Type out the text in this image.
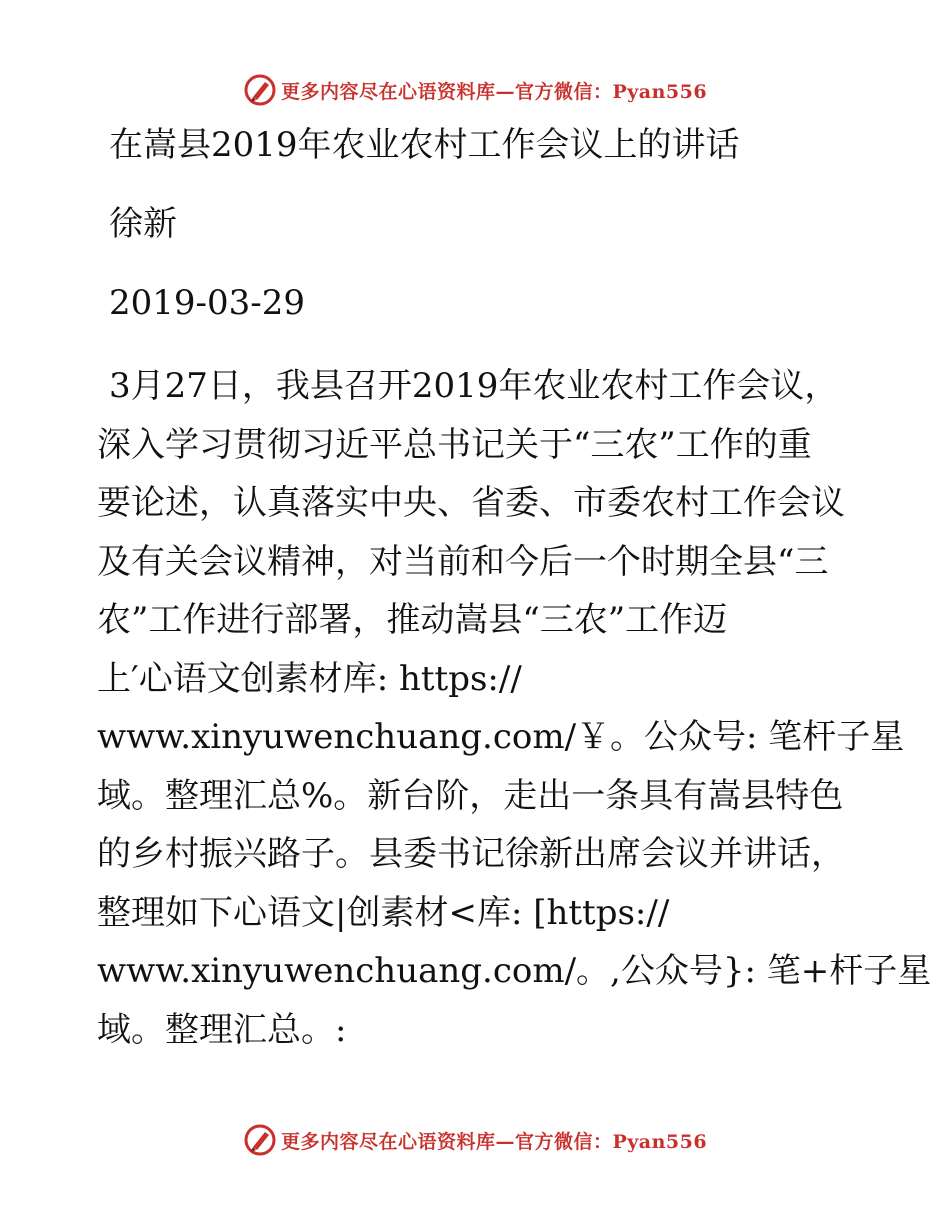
更多内容尽在心语资料库—官方微信：Pyan556
在嵩县2019年农业农村工作会议上的讲话
徐新
2019-03-29
3月27日，我县召开2019年农业农村工作会议，
深入学习贯彻习近平总书记关于“三农”工作的重
要论述，认真落实中央、省委、市委农村工作会议
及有关会议精神，对当前和今后一个时期全县“三
农”工作进行部署，推动嵩县“三农”工作迈
上′心语文创素材库: https://
www.xinyuwenchuang.com/￥。公众号: 笔杆子星
域。整理汇总%。新台阶，走出一条具有嵩县特色
的乡村振兴路子。县委书记徐新出席会议并讲话，
整理如下心语文|创素材<库: [https://
www.xinyuwenchuang.com/。,公众号}: 笔+杆子星
域。整理汇总。:
更多内容尽在心语资料库—官方微信：Pyan556
